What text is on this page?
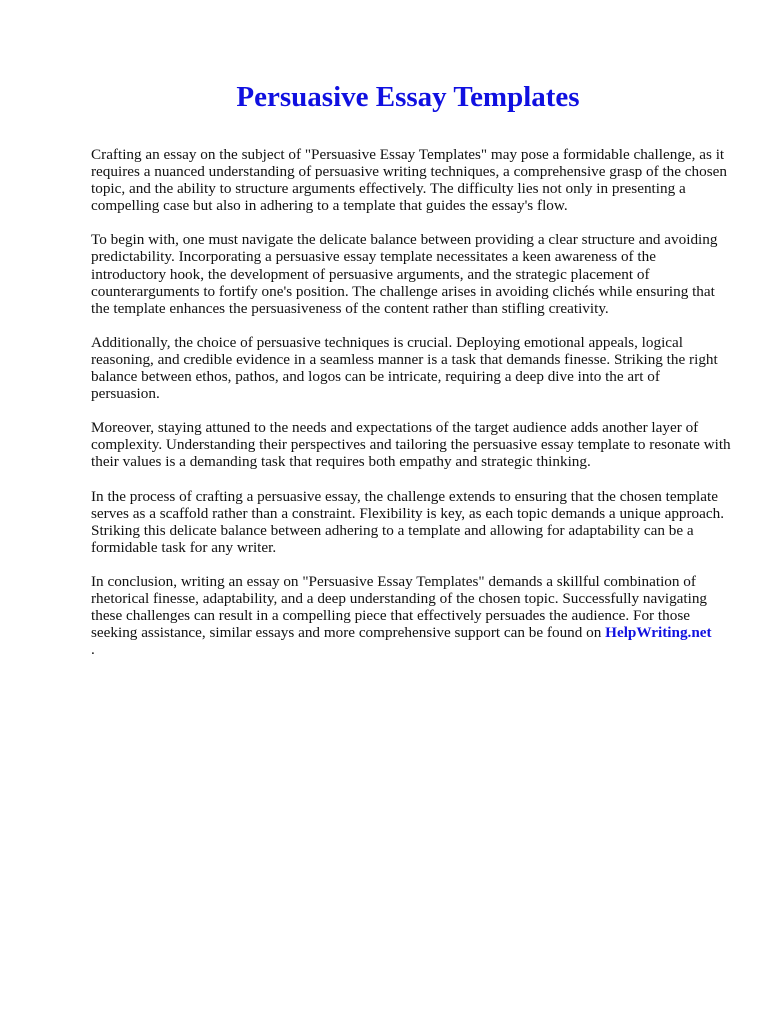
Persuasive Essay Templates

Crafting an essay on the subject of "Persuasive Essay Templates" may pose a formidable challenge, as it requires a nuanced understanding of persuasive writing techniques, a comprehensive grasp of the chosen topic, and the ability to structure arguments effectively. The difficulty lies not only in presenting a compelling case but also in adhering to a template that guides the essay's flow.

To begin with, one must navigate the delicate balance between providing a clear structure and avoiding predictability. Incorporating a persuasive essay template necessitates a keen awareness of the introductory hook, the development of persuasive arguments, and the strategic placement of counterarguments to fortify one's position. The challenge arises in avoiding clichés while ensuring that the template enhances the persuasiveness of the content rather than stifling creativity.

Additionally, the choice of persuasive techniques is crucial. Deploying emotional appeals, logical reasoning, and credible evidence in a seamless manner is a task that demands finesse. Striking the right balance between ethos, pathos, and logos can be intricate, requiring a deep dive into the art of persuasion.

Moreover, staying attuned to the needs and expectations of the target audience adds another layer of complexity. Understanding their perspectives and tailoring the persuasive essay template to resonate with their values is a demanding task that requires both empathy and strategic thinking.

In the process of crafting a persuasive essay, the challenge extends to ensuring that the chosen template serves as a scaffold rather than a constraint. Flexibility is key, as each topic demands a unique approach. Striking this delicate balance between adhering to a template and allowing for adaptability can be a formidable task for any writer.

In conclusion, writing an essay on "Persuasive Essay Templates" demands a skillful combination of rhetorical finesse, adaptability, and a deep understanding of the chosen topic. Successfully navigating these challenges can result in a compelling piece that effectively persuades the audience. For those seeking assistance, similar essays and more comprehensive support can be found on HelpWriting.net
.
